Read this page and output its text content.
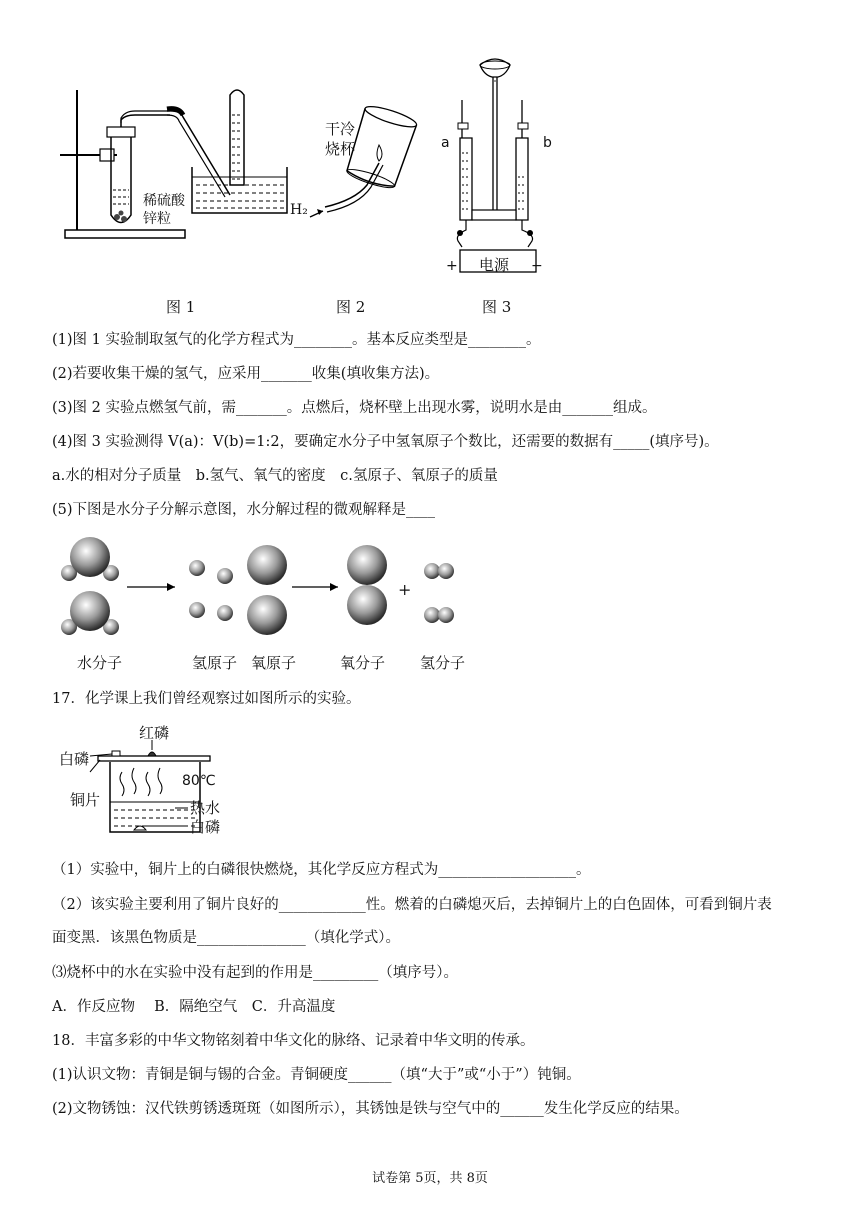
稀硫酸
锌粒
干冷
烧杯
H₂
a	b
电源
+	−
图 1	图 2	图 3
(1)图 1 实验制取氢气的化学方程式为________。基本反应类型是________。
(2)若要收集干燥的氢气，应采用_______收集(填收集方法)。
(3)图 2 实验点燃氢气前，需_______。点燃后，烧杯壁上出现水雾，说明水是由_______组成。
(4)图 3 实验测得 V(a)：V(b)=1:2，要确定水分子中氢氧原子个数比，还需要的数据有_____(填序号)。
a.水的相对分子质量　b.氢气、氧气的密度　c.氢原子、氧原子的质量
(5)下图是水分子分解示意图，水分解过程的微观解释是____
+
水分子	氢原子 氧原子	氧分子 氢分子
17．化学课上我们曾经观察过如图所示的实验。
红磷
白磷
铜片
80℃
热水
白磷
（1）实验中，铜片上的白磷很快燃烧，其化学反应方程式为___________________。
（2）该实验主要利用了铜片良好的____________性。燃着的白磷熄灭后，去掉铜片上的白色固体，可看到铜片表
面变黑．该黑色物质是_______________（填化学式）。
⑶烧杯中的水在实验中没有起到的作用是_________（填序号）。
A．作反应物　 B．隔绝空气　C．升高温度
18．丰富多彩的中华文物铭刻着中华文化的脉络、记录着中华文明的传承。
(1)认识文物：青铜是铜与锡的合金。青铜硬度______（填“大于”或“小于”）钝铜。
(2)文物锈蚀：汉代铁剪锈透斑斑（如图所示），其锈蚀是铁与空气中的______发生化学反应的结果。
试卷第 5页，共 8页
